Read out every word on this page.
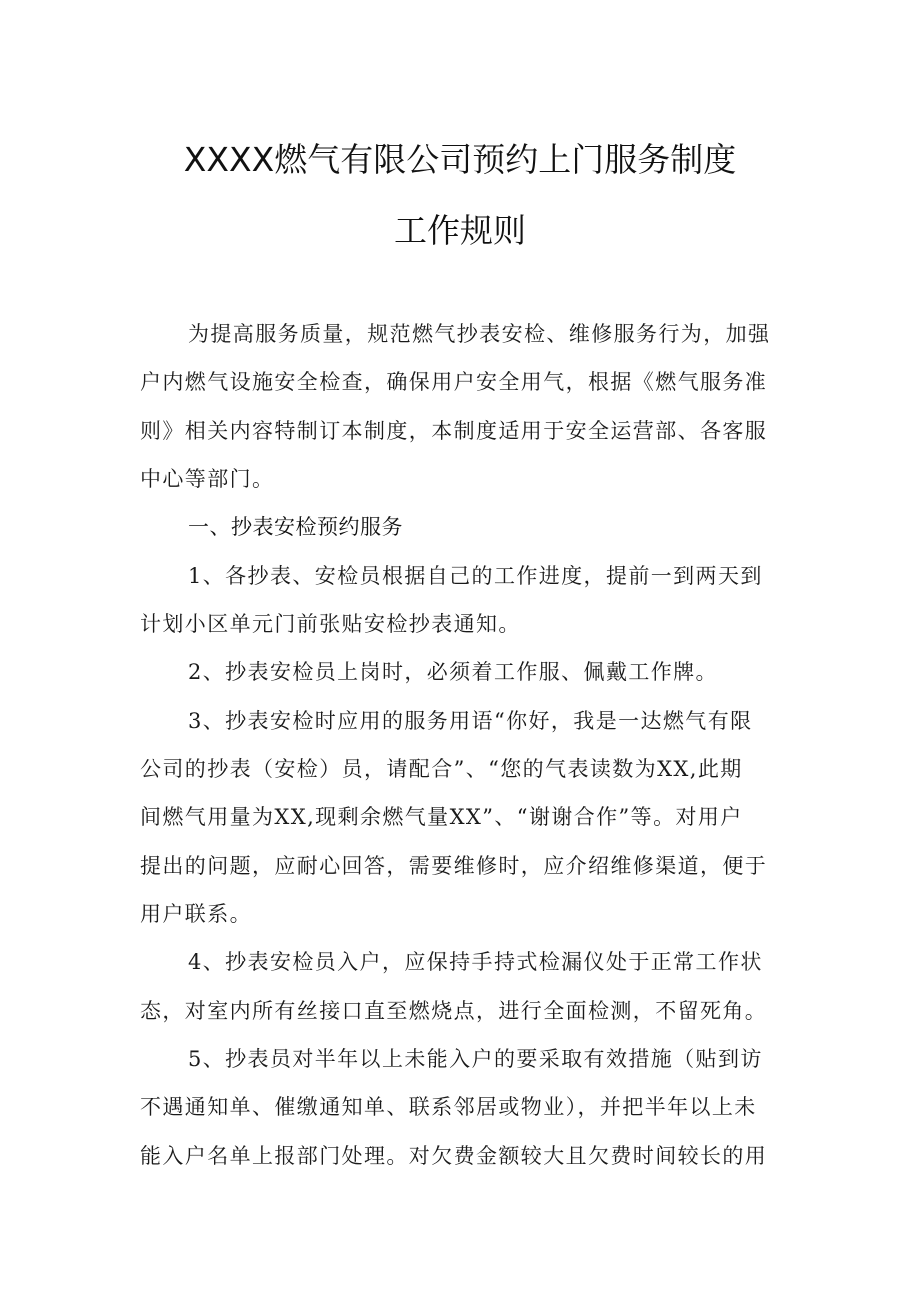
XXXX燃气有限公司预约上门服务制度
工作规则
为提高服务质量，规范燃气抄表安检、维修服务行为，加强
户内燃气设施安全检查，确保用户安全用气，根据《燃气服务准
则》相关内容特制订本制度，本制度适用于安全运营部、各客服
中心等部门。
一、抄表安检预约服务
1、各抄表、安检员根据自己的工作进度，提前一到两天到
计划小区单元门前张贴安检抄表通知。
2、抄表安检员上岗时，必须着工作服、佩戴工作牌。
3、抄表安检时应用的服务用语“你好，我是一达燃气有限
公司的抄表（安检）员，请配合”、“您的气表读数为XX,此期
间燃气用量为XX,现剩余燃气量XX”、“谢谢合作”等。对用户
提出的问题，应耐心回答，需要维修时，应介绍维修渠道，便于
用户联系。
4、抄表安检员入户，应保持手持式检漏仪处于正常工作状
态，对室内所有丝接口直至燃烧点，进行全面检测，不留死角。
5、抄表员对半年以上未能入户的要采取有效措施（贴到访
不遇通知单、催缴通知单、联系邻居或物业），并把半年以上未
能入户名单上报部门处理。对欠费金额较大且欠费时间较长的用
